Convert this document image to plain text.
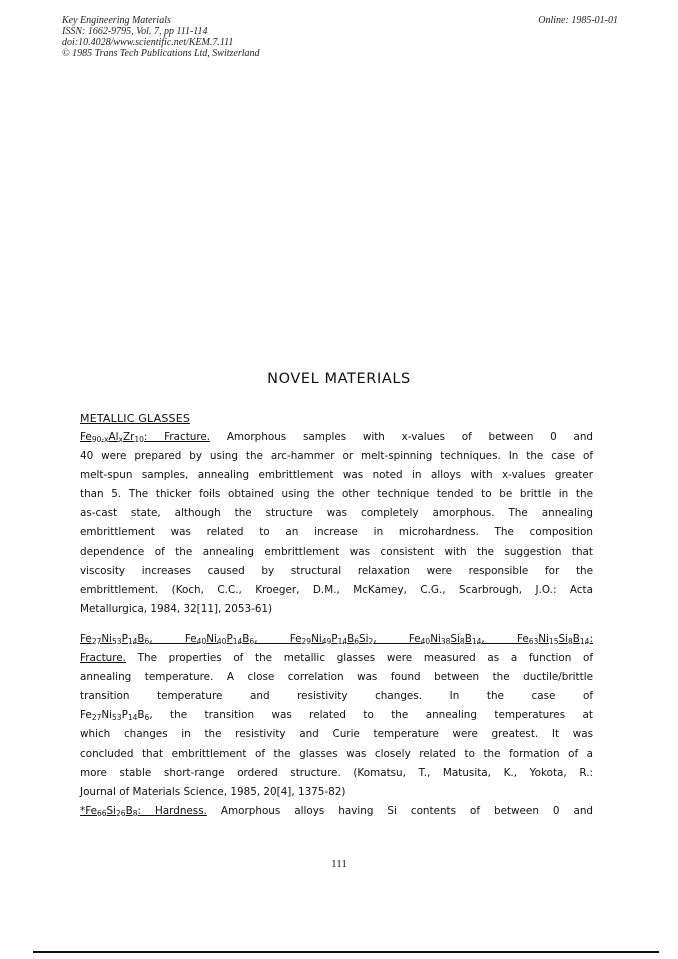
Key Engineering Materials
ISSN: 1662-9795, Vol. 7, pp 111-114
doi:10.4028/www.scientific.net/KEM.7.111
© 1985 Trans Tech Publications Ltd, Switzerland
Online: 1985-01-01
NOVEL MATERIALS
METALLIC GLASSES
$Fe_{90-x}Al_xZr_{10}$: Fracture. Amorphous samples with x-values of between 0 and
40 were prepared by using the arc-hammer or melt-spinning techniques. In the case of
melt-spun samples, annealing embrittlement was noted in alloys with x-values greater
than 5. The thicker foils obtained using the other technique tended to be brittle in the
as-cast state, although the structure was completely amorphous. The annealing
embrittlement was related to an increase in microhardness. The composition
dependence of the annealing embrittlement was consistent with the suggestion that
viscosity increases caused by structural relaxation were responsible for the
embrittlement. (Koch, C.C., Kroeger, D.M., McKamey, C.G., Scarbrough, J.O.: Acta
Metallurgica, 1984, 32[11], 2053-61)
$Fe_{27}Ni_{53}P_{14}B_6$, $Fe_{40}Ni_{40}P_{14}B_6$, $Fe_{29}Ni_{49}P_{14}B_6Si_2$, $Fe_{40}Ni_{38}Si_8B_{14}$, $Fe_{63}Ni_{15}Si_8B_{14}$:
Fracture. The properties of the metallic glasses were measured as a function of
annealing temperature. A close correlation was found between the ductile/brittle
transition temperature and resistivity changes. In the case of
$Fe_{27}Ni_{53}P_{14}B_6$, the transition was related to the annealing temperatures at
which changes in the resistivity and Curie temperature were greatest. It was
concluded that embrittlement of the glasses was closely related to the formation of a
more stable short-range ordered structure. (Komatsu, T., Matusita, K., Yokota, R.:
Journal of Materials Science, 1985, 20[4], 1375-82)
$*Fe_{66}Si_{26}B_8$: Hardness. Amorphous alloys having Si contents of between 0 and
111
